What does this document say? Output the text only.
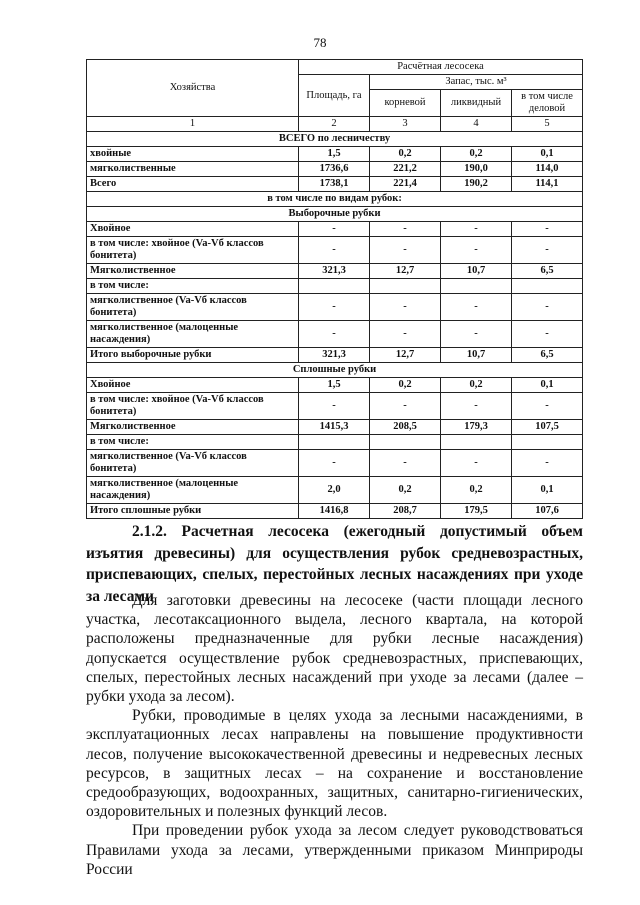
78
Хозяйства	Расчётная лесосека			
	Площадь, га	Запас, тыс. м³		
		корневой	ликвидный	в том числе деловой
1	2	3	4	5
ВСЕГО по лесничеству				
хвойные	1,5	0,2	0,2	0,1
мягколиственные	1736,6	221,2	190,0	114,0
Всего	1738,1	221,4	190,2	114,1
в том числе по видам рубок:				
Выборочные рубки				
Хвойное	-	-	-	-
в том числе: хвойное (Va-Vб классов бонитета)	-	-	-	-
Мягколиственное	321,3	12,7	10,7	6,5
в том числе:				
мягколиственное (Va-Vб классов бонитета)	-	-	-	-
мягколиственное (малоценные насаждения)	-	-	-	-
Итого выборочные рубки	321,3	12,7	10,7	6,5
Сплошные рубки				
Хвойное	1,5	0,2	0,2	0,1
в том числе: хвойное (Va-Vб классов бонитета)	-	-	-	-
Мягколиственное	1415,3	208,5	179,3	107,5
в том числе:				
мягколиственное (Va-Vб классов бонитета)	-	-	-	-
мягколиственное (малоценные насаждения)	2,0	0,2	0,2	0,1
Итого сплошные рубки	1416,8	208,7	179,5	107,6

2.1.2. Расчетная лесосека (ежегодный допустимый объем изъятия древесины) для осуществления рубок средневозрастных, приспевающих, спелых, перестойных лесных насаждениях при уходе за лесами

Для заготовки древесины на лесосеке (части площади лесного участка, лесотаксационного выдела, лесного квартала, на которой расположены предназначенные для рубки лесные насаждения) допускается осуществление рубок средневозрастных, приспевающих, спелых, перестойных лесных насаждений при уходе за лесами (далее – рубки ухода за лесом).

Рубки, проводимые в целях ухода за лесными насаждениями, в эксплуатационных лесах направлены на повышение продуктивности лесов, получение высококачественной древесины и недревесных лесных ресурсов, в защитных лесах – на сохранение и восстановление средообразующих, водоохранных, защитных, санитарно-гигиенических, оздоровительных и полезных функций лесов.

При проведении рубок ухода за лесом следует руководствоваться Правилами ухода за лесами, утвержденными приказом Минприроды России
